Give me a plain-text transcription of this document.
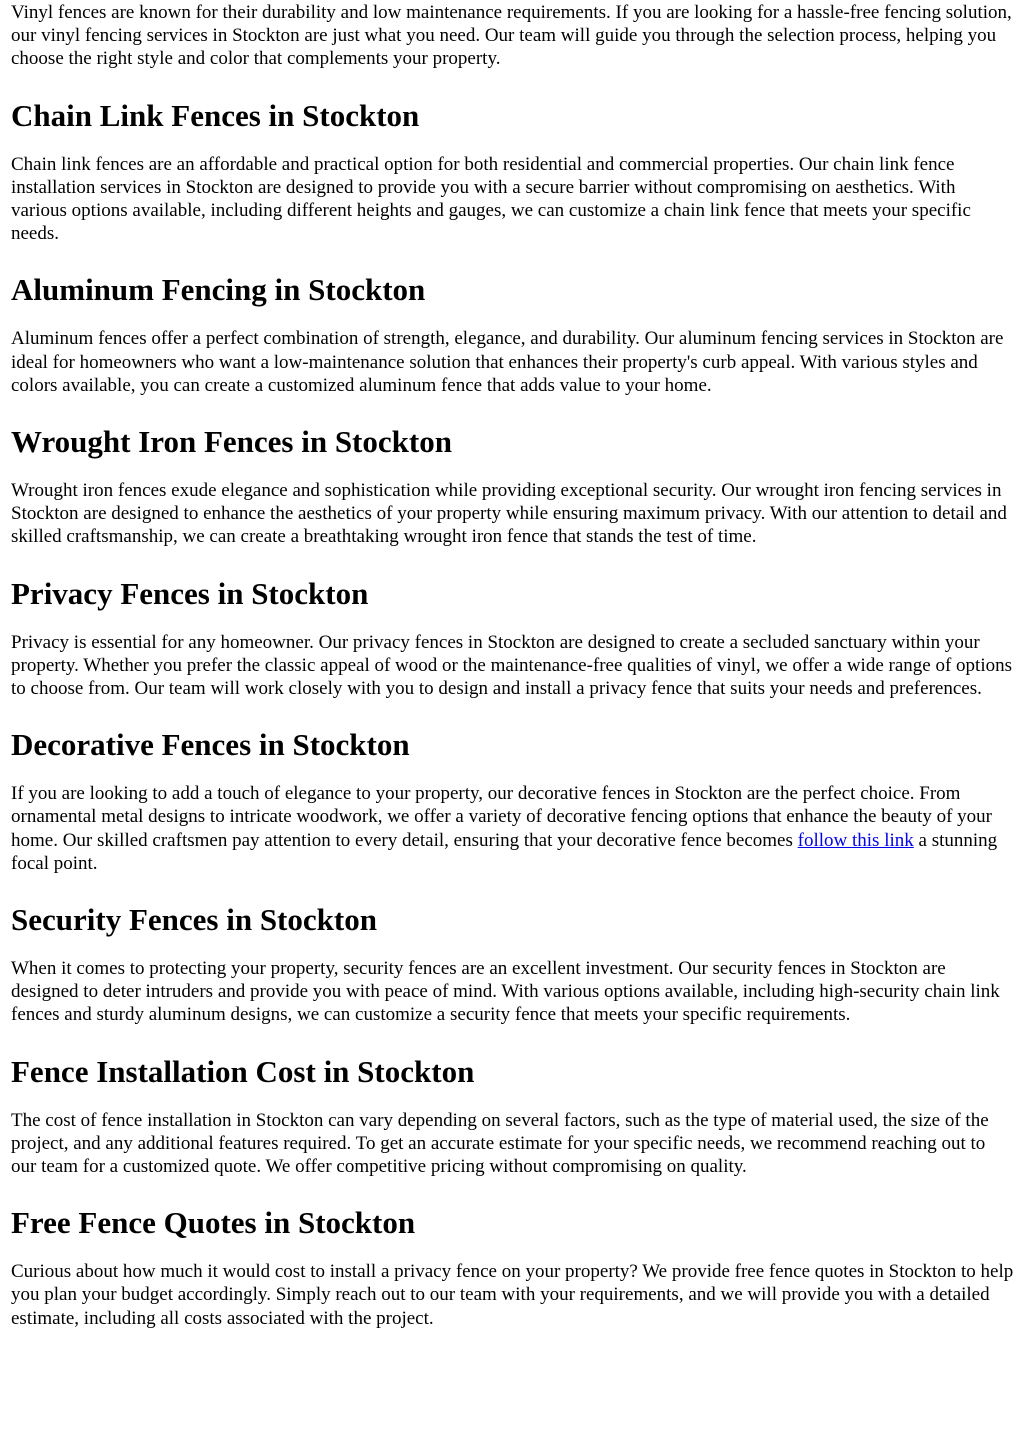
Vinyl fences are known for their durability and low maintenance requirements. If you are looking for a hassle-free fencing solution, our vinyl fencing services in Stockton are just what you need. Our team will guide you through the selection process, helping you choose the right style and color that complements your property.

Chain Link Fences in Stockton

Chain link fences are an affordable and practical option for both residential and commercial properties. Our chain link fence installation services in Stockton are designed to provide you with a secure barrier without compromising on aesthetics. With various options available, including different heights and gauges, we can customize a chain link fence that meets your specific needs.

Aluminum Fencing in Stockton

Aluminum fences offer a perfect combination of strength, elegance, and durability. Our aluminum fencing services in Stockton are ideal for homeowners who want a low-maintenance solution that enhances their property's curb appeal. With various styles and colors available, you can create a customized aluminum fence that adds value to your home.

Wrought Iron Fences in Stockton

Wrought iron fences exude elegance and sophistication while providing exceptional security. Our wrought iron fencing services in Stockton are designed to enhance the aesthetics of your property while ensuring maximum privacy. With our attention to detail and skilled craftsmanship, we can create a breathtaking wrought iron fence that stands the test of time.

Privacy Fences in Stockton

Privacy is essential for any homeowner. Our privacy fences in Stockton are designed to create a secluded sanctuary within your property. Whether you prefer the classic appeal of wood or the maintenance-free qualities of vinyl, we offer a wide range of options to choose from. Our team will work closely with you to design and install a privacy fence that suits your needs and preferences.

Decorative Fences in Stockton

If you are looking to add a touch of elegance to your property, our decorative fences in Stockton are the perfect choice. From ornamental metal designs to intricate woodwork, we offer a variety of decorative fencing options that enhance the beauty of your home. Our skilled craftsmen pay attention to every detail, ensuring that your decorative fence becomes follow this link a stunning focal point.

Security Fences in Stockton

When it comes to protecting your property, security fences are an excellent investment. Our security fences in Stockton are designed to deter intruders and provide you with peace of mind. With various options available, including high-security chain link fences and sturdy aluminum designs, we can customize a security fence that meets your specific requirements.

Fence Installation Cost in Stockton

The cost of fence installation in Stockton can vary depending on several factors, such as the type of material used, the size of the project, and any additional features required. To get an accurate estimate for your specific needs, we recommend reaching out to our team for a customized quote. We offer competitive pricing without compromising on quality.

Free Fence Quotes in Stockton

Curious about how much it would cost to install a privacy fence on your property? We provide free fence quotes in Stockton to help you plan your budget accordingly. Simply reach out to our team with your requirements, and we will provide you with a detailed estimate, including all costs associated with the project.
